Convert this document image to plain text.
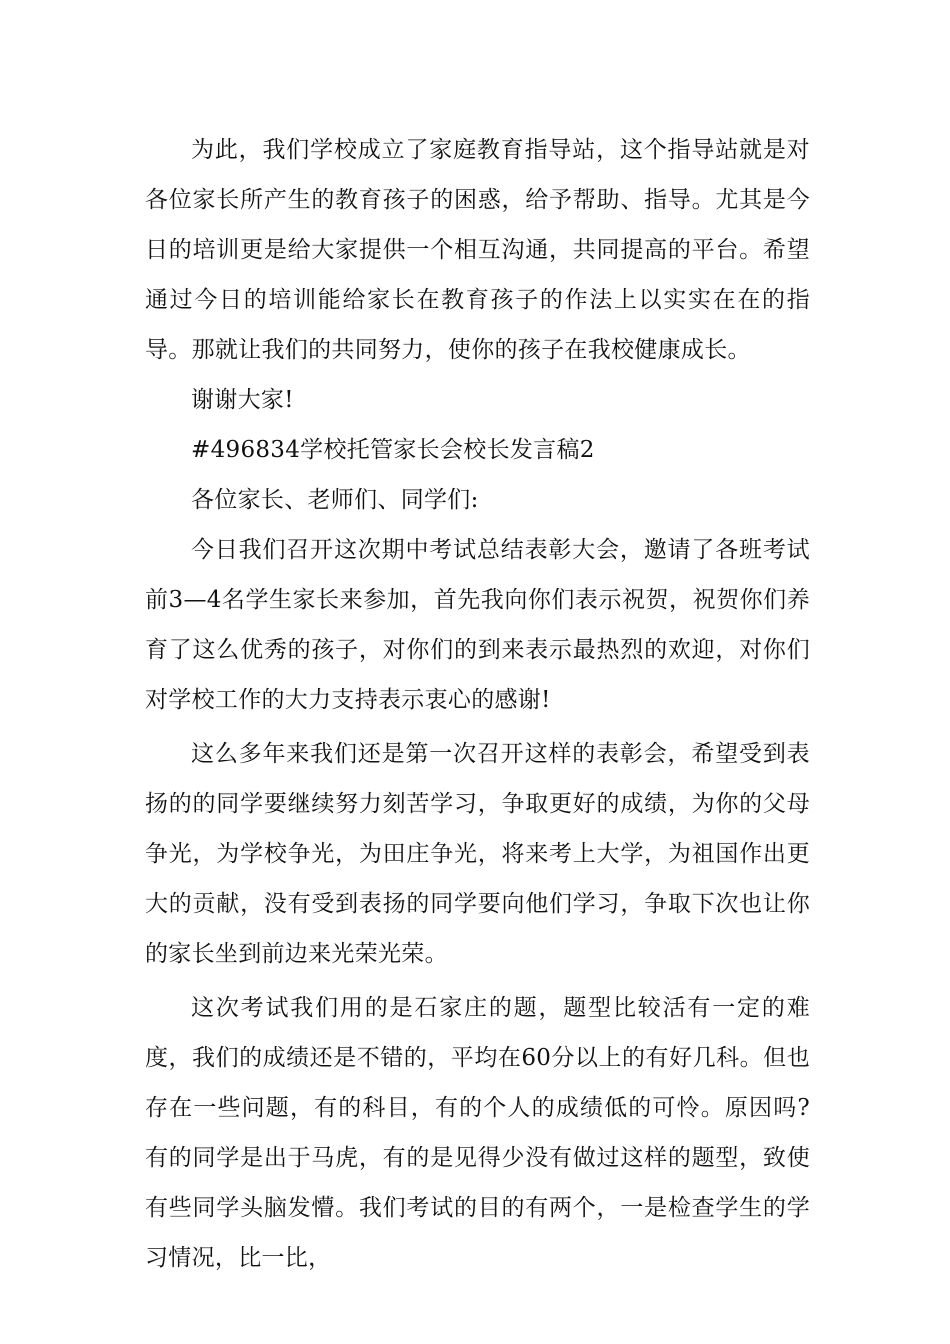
为此，我们学校成立了家庭教育指导站，这个指导站就是对各位家长所产生的教育孩子的困惑，给予帮助、指导。尤其是今日的培训更是给大家提供一个相互沟通，共同提高的平台。希望通过今日的培训能给家长在教育孩子的作法上以实实在在的指导。那就让我们的共同努力，使你的孩子在我校健康成长。

谢谢大家!

#496834学校托管家长会校长发言稿2

各位家长、老师们、同学们:

今日我们召开这次期中考试总结表彰大会，邀请了各班考试前3—4名学生家长来参加，首先我向你们表示祝贺，祝贺你们养育了这么优秀的孩子，对你们的到来表示最热烈的欢迎，对你们对学校工作的大力支持表示衷心的感谢!

这么多年来我们还是第一次召开这样的表彰会，希望受到表扬的的同学要继续努力刻苦学习，争取更好的成绩，为你的父母争光，为学校争光，为田庄争光，将来考上大学，为祖国作出更大的贡献，没有受到表扬的同学要向他们学习，争取下次也让你的家长坐到前边来光荣光荣。

这次考试我们用的是石家庄的题，题型比较活有一定的难度，我们的成绩还是不错的，平均在60分以上的有好几科。但也存在一些问题，有的科目，有的个人的成绩低的可怜。原因吗?有的同学是出于马虎，有的是见得少没有做过这样的题型，致使有些同学头脑发懵。我们考试的目的有两个，一是检查学生的学习情况，比一比，
